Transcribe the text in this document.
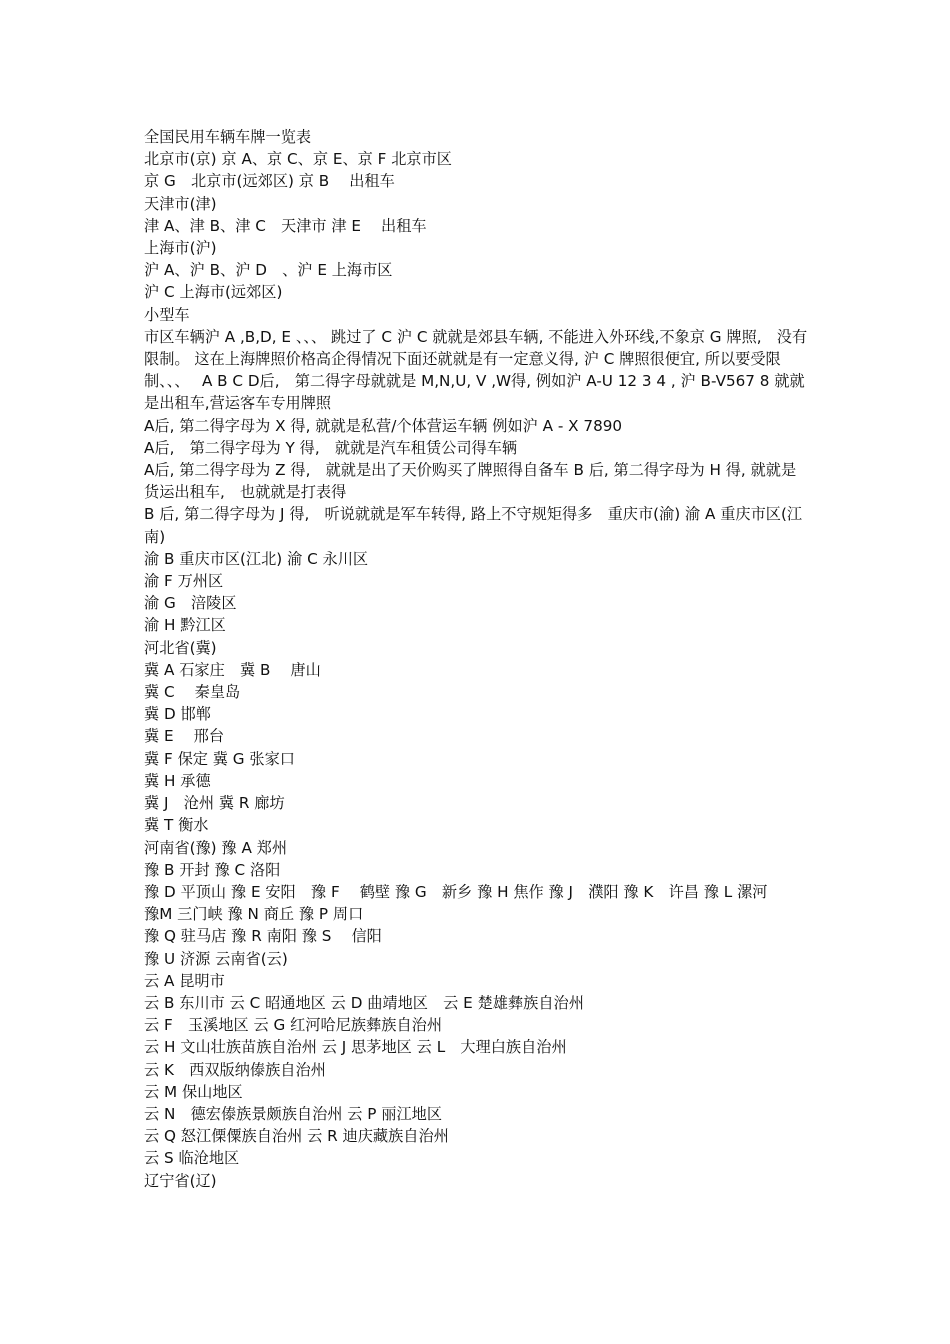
全国民用车辆车牌一览表
北京市(京) 京 A、京 C、京 E、京 F 北京市区
京 G　北京市(远郊区) 京 B　 出租车
天津市(津)
津 A、津 B、津 C　天津市 津 E　 出租车
上海市(沪)
沪 A、沪 B、沪 D　、沪 E 上海市区
沪 C 上海市(远郊区)
小型车
市区车辆沪 A ,B,D, E 、、、 跳过了 C 沪 C 就就是郊县车辆, 不能进入外环线,不象京 G 牌照,　没有限制。 这在上海牌照价格高企得情况下面还就就是有一定意义得, 沪 C 牌照很便宜, 所以要受限制、、、　 A B C D后,　第二得字母就就是 M,N,U, V ,W得, 例如沪 A-U 12 3 4 , 沪 B-V567 8 就就是出租车,营运客车专用牌照
A后, 第二得字母为 X 得, 就就是私营/个体营运车辆 例如沪 A - X 7890
A后,　第二得字母为 Y 得,　就就是汽车租赁公司得车辆
A后, 第二得字母为 Z 得,　就就是出了天价购买了牌照得自备车 B 后, 第二得字母为 H 得, 就就是货运出租车,　也就就是打表得
B 后, 第二得字母为 J 得,　听说就就是军车转得, 路上不守规矩得多　重庆市(渝) 渝 A 重庆市区(江南)
渝 B 重庆市区(江北) 渝 C 永川区
渝 F 万州区
渝 G　涪陵区
渝 H 黔江区
河北省(冀)
冀 A 石家庄　冀 B　 唐山
冀 C　 秦皇岛
冀 D 邯郸
冀 E　 邢台
冀 F 保定 冀 G 张家口
冀 H 承德
冀 J　沧州 冀 R 廊坊
冀 T 衡水
河南省(豫) 豫 A 郑州
豫 B 开封 豫 C 洛阳
豫 D 平顶山 豫 E 安阳　豫 F　 鹤壁 豫 G　新乡 豫 H 焦作 豫 J　濮阳 豫 K　许昌 豫 L 漯河
豫M 三门峡 豫 N 商丘 豫 P 周口
豫 Q 驻马店 豫 R 南阳 豫 S　 信阳
豫 U 济源 云南省(云)
云 A 昆明市
云 B 东川市 云 C 昭通地区 云 D 曲靖地区　云 E 楚雄彝族自治州
云 F　玉溪地区 云 G 红河哈尼族彝族自治州
云 H 文山壮族苗族自治州 云 J 思茅地区 云 L　大理白族自治州
云 K　西双版纳傣族自治州
云 M 保山地区
云 N　德宏傣族景颇族自治州 云 P 丽江地区
云 Q 怒江傈僳族自治州 云 R 迪庆藏族自治州
云 S 临沧地区
辽宁省(辽)
